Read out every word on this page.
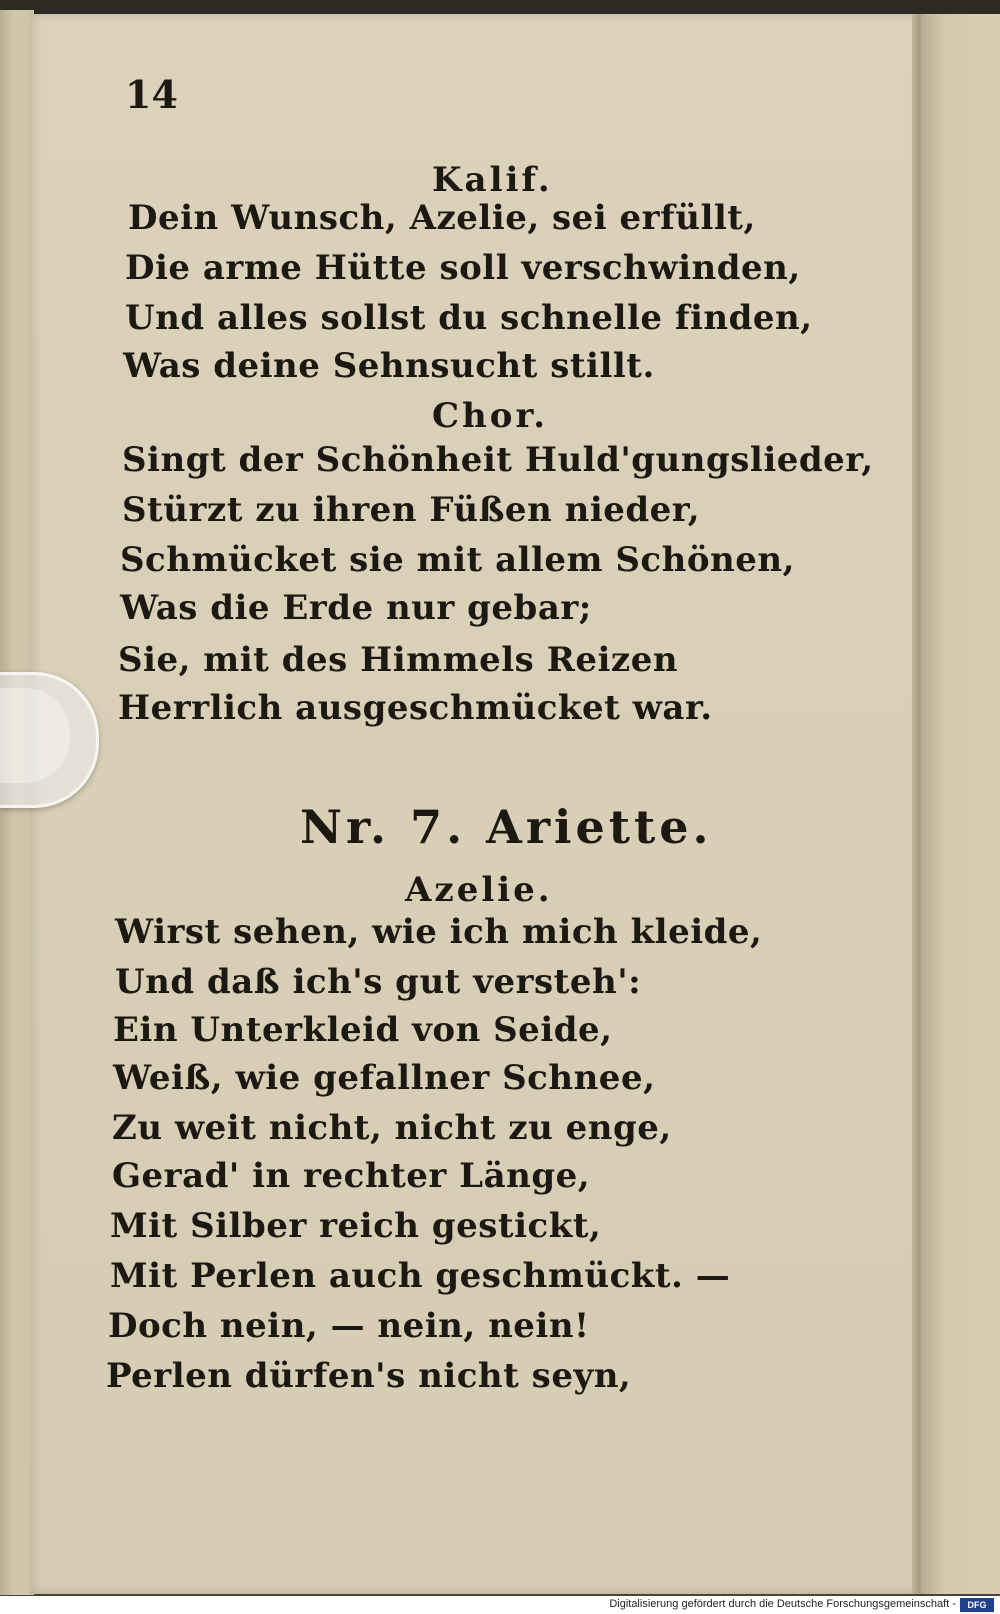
14
Kalif.
Dein Wunsch, Azelie, sei erfüllt,
Die arme Hütte soll verschwinden,
Und alles sollst du schnelle finden,
Was deine Sehnsucht stillt.
Chor.
Singt der Schönheit Huld'gungslieder,
Stürzt zu ihren Füßen nieder,
Schmücket sie mit allem Schönen,
Was die Erde nur gebar;
Sie, mit des Himmels Reizen
Herrlich ausgeschmücket war.
Nr. 7. Ariette.
Azelie.
Wirst sehen, wie ich mich kleide,
Und daß ich's gut versteh':
Ein Unterkleid von Seide,
Weiß, wie gefallner Schnee,
Zu weit nicht, nicht zu enge,
Gerad' in rechter Länge,
Mit Silber reich gestickt,
Mit Perlen auch geschmückt. —
Doch nein, — nein, nein!
Perlen dürfen's nicht seyn,
Digitalisierung gefördert durch die Deutsche Forschungsgemeinschaft -	DFG
